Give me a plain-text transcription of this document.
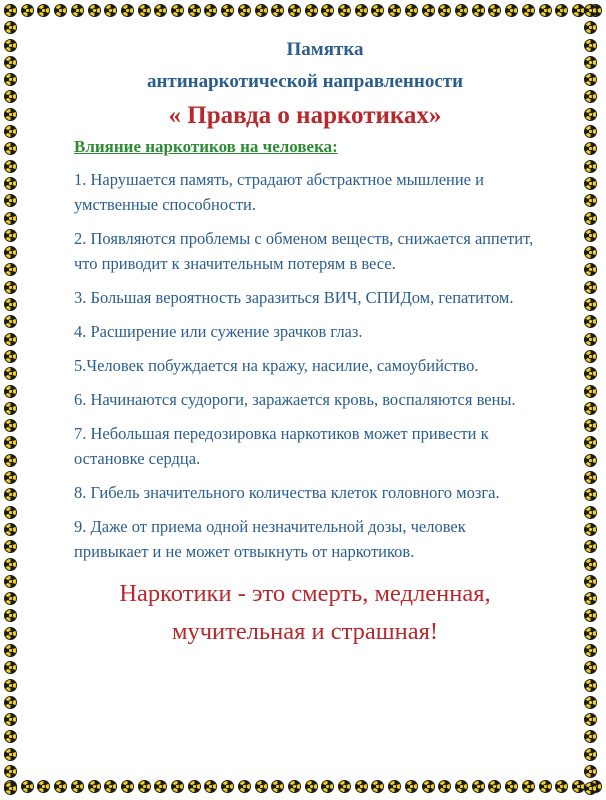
Памятка
антинаркотической направленности
« Правда о наркотиках»
Влияние наркотиков на человека:
1. Нарушается память, страдают абстрактное мышление и умственные способности.
2. Появляются проблемы с обменом веществ, снижается аппетит, что приводит к значительным потерям в весе.
3. Большая вероятность заразиться ВИЧ, СПИДом, гепатитом.
4. Расширение или сужение зрачков глаз.
5.Человек побуждается на кражу, насилие, самоубийство.
6. Начинаются судороги, заражается кровь, воспаляются вены.
7. Небольшая передозировка наркотиков может привести к остановке сердца.
8. Гибель значительного количества клеток головного мозга.
9. Даже от приема одной незначительной дозы, человек привыкает и не может отвыкнуть от наркотиков.
Наркотики - это смерть, медленная,
мучительная и страшная!
